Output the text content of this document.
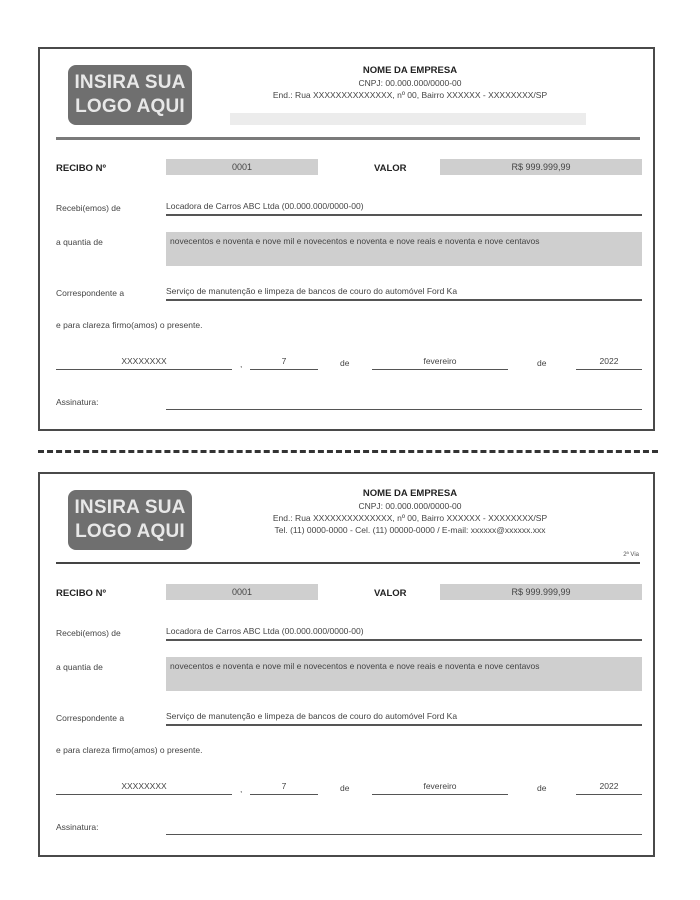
INSIRA SUA
LOGO AQUI
NOME DA EMPRESA
CNPJ: 00.000.000/0000-00
End.: Rua XXXXXXXXXXXXXX, nº 00, Bairro XXXXXX - XXXXXXXX/SP
RECIBO Nº	0001	VALOR	R$ 999.999,99
Recebi(emos) de	Locadora de Carros ABC Ltda (00.000.000/0000-00)
a quantia de	novecentos e noventa e nove mil e novecentos e noventa e nove reais e noventa e nove centavos
Correspondente a	Serviço de manutenção e limpeza de bancos de couro do automóvel Ford Ka
e para clareza firmo(amos) o presente.
XXXXXXXX	,	7	de	fevereiro	de	2022
Assinatura:
INSIRA SUA
LOGO AQUI
NOME DA EMPRESA
CNPJ: 00.000.000/0000-00
End.: Rua XXXXXXXXXXXXXX, nº 00, Bairro XXXXXX - XXXXXXXX/SP
Tel. (11) 0000-0000 - Cel. (11) 00000-0000 / E-mail: xxxxxx@xxxxxx.xxx
2ª Via
RECIBO Nº	0001	VALOR	R$ 999.999,99
Recebi(emos) de	Locadora de Carros ABC Ltda (00.000.000/0000-00)
a quantia de	novecentos e noventa e nove mil e novecentos e noventa e nove reais e noventa e nove centavos
Correspondente a	Serviço de manutenção e limpeza de bancos de couro do automóvel Ford Ka
e para clareza firmo(amos) o presente.
XXXXXXXX	,	7	de	fevereiro	de	2022
Assinatura:
